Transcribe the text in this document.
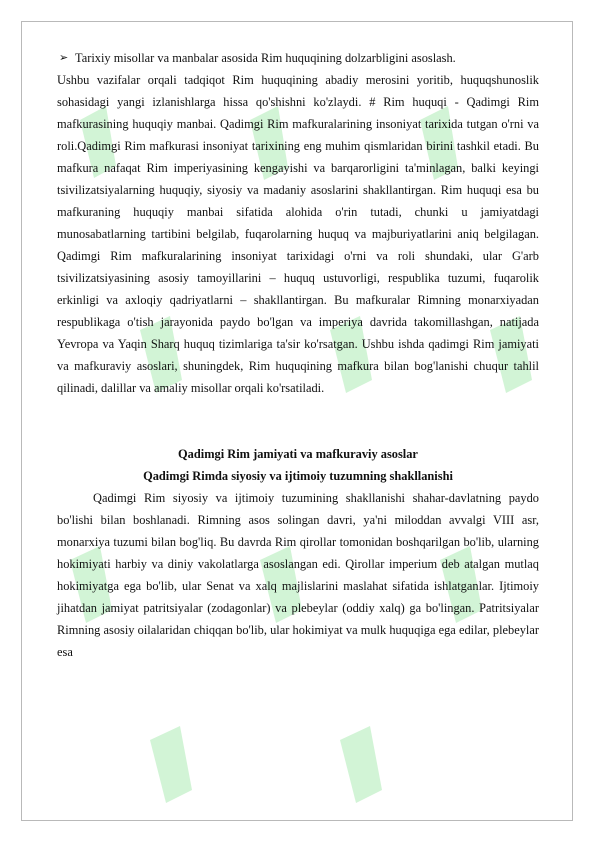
➢ Tarixiy misollar va manbalar asosida Rim huquqining dolzarbligini asoslash.

Ushbu vazifalar orqali tadqiqot Rim huquqining abadiy merosini yoritib, huquqshunoslik sohasidagi yangi izlanishlarga hissa qo'shishni ko'zlaydi. # Rim huquqi - Qadimgi Rim mafkurasining huquqiy manbai. Qadimgi Rim mafkuralarining insoniyat tarixida tutgan o'rni va roli.Qadimgi Rim mafkurasi insoniyat tarixining eng muhim qismlaridan birini tashkil etadi. Bu mafkura nafaqat Rim imperiyasining kengayishi va barqarorligini ta'minlagan, balki keyingi tsivilizatsiyalarning huquqiy, siyosiy va madaniy asoslarini shakllantirgan. Rim huquqi esa bu mafkuraning huquqiy manbai sifatida alohida o'rin tutadi, chunki u jamiyatdagi munosabatlarning tartibini belgilab, fuqarolarning huquq va majburiyatlarini aniq belgilagan. Qadimgi Rim mafkuralarining insoniyat tarixidagi o'rni va roli shundaki, ular G'arb tsivilizatsiyasining asosiy tamoyillarini – huquq ustuvorligi, respublika tuzumi, fuqarolik erkinligi va axloqiy qadriyatlarni – shakllantirgan. Bu mafkuralar Rimning monarxiyadan respublikaga o'tish jarayonida paydo bo'lgan va imperiya davrida takomillashgan, natijada Yevropa va Yaqin Sharq huquq tizimlariga ta'sir ko'rsatgan. Ushbu ishda qadimgi Rim jamiyati va mafkuraviy asoslari, shuningdek, Rim huquqining mafkura bilan bog'lanishi chuqur tahlil qilinadi, dalillar va amaliy misollar orqali ko'rsatiladi.

Qadimgi Rim jamiyati va mafkuraviy asoslar

Qadimgi Rimda siyosiy va ijtimoiy tuzumning shakllanishi

Qadimgi Rim siyosiy va ijtimoiy tuzumining shakllanishi shahar-davlatning paydo bo'lishi bilan boshlanadi. Rimning asos solingan davri, ya'ni miloddan avvalgi VIII asr, monarxiya tuzumi bilan bog'liq. Bu davrda Rim qirollar tomonidan boshqarilgan bo'lib, ularning hokimiyati harbiy va diniy vakolatlarga asoslangan edi. Qirollar imperium deb atalgan mutlaq hokimiyatga ega bo'lib, ular Senat va xalq majlislarini maslahat sifatida ishlatganlar. Ijtimoiy jihatdan jamiyat patritsiyalar (zodagonlar) va plebeylar (oddiy xalq) ga bo'lingan. Patritsiyalar Rimning asosiy oilalaridan chiqqan bo'lib, ular hokimiyat va mulk huquqiga ega edilar, plebeylar esa
